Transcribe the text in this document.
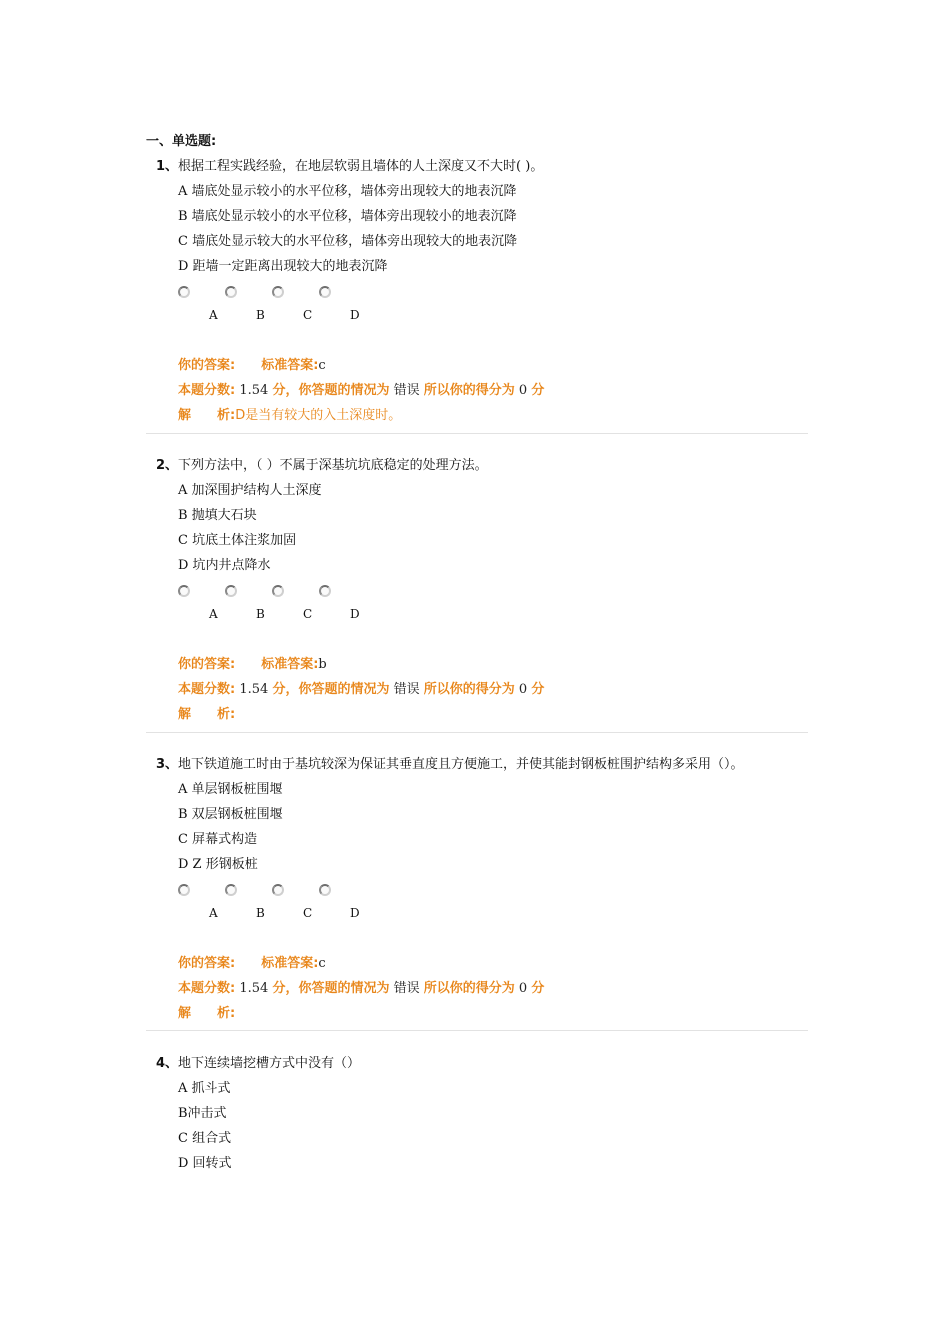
一、单选题:
1、根据工程实践经验，在地层软弱且墙体的人土深度又不大时( )。
A 墙底处显示较小的水平位移，墙体旁出现较大的地表沉降
B 墙底处显示较小的水平位移，墙体旁出现较小的地表沉降
C 墙底处显示较大的水平位移，墙体旁出现较大的地表沉降
D 距墙一定距离出现较大的地表沉降
A	B	C	D
你的答案: 标准答案:c
本题分数: 1.54 分，你答题的情况为 错误 所以你的得分为 0 分
解　　析:D是当有较大的入土深度时。
2、下列方法中，（ ）不属于深基坑坑底稳定的处理方法。
A 加深围护结构人土深度
B 抛填大石块
C 坑底土体注浆加固
D 坑内井点降水
A	B	C	D
你的答案: 标准答案:b
本题分数: 1.54 分，你答题的情况为 错误 所以你的得分为 0 分
解　　析:
3、地下铁道施工时由于基坑较深为保证其垂直度且方便施工，并使其能封钢板桩围护结构多采用（）。
A 单层钢板桩围堰
B 双层钢板桩围堰
C 屏幕式构造
D Z 形钢板桩
A	B	C	D
你的答案: 标准答案:c
本题分数: 1.54 分，你答题的情况为 错误 所以你的得分为 0 分
解　　析:
4、地下连续墙挖槽方式中没有（）
A 抓斗式
B冲击式
C 组合式
D 回转式
